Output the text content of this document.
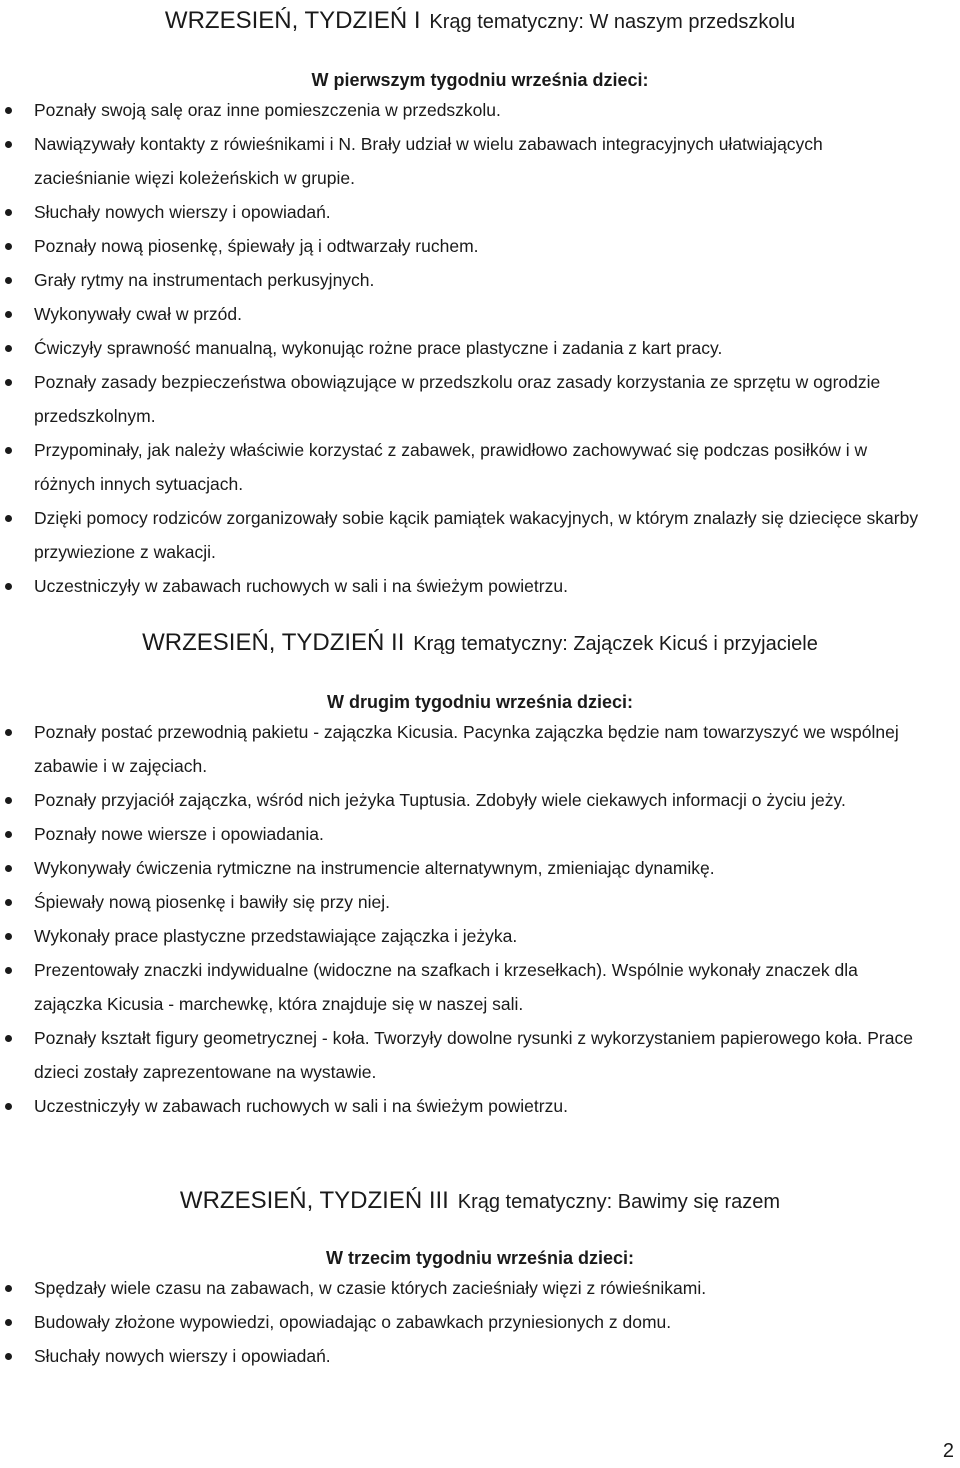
WRZESIEŃ, TYDZIEŃ I Krąg tematyczny: W naszym przedszkolu

W pierwszym tygodniu września dzieci:

Poznały swoją salę oraz inne pomieszczenia w przedszkolu.
Nawiązywały kontakty z rówieśnikami i N. Brały udział w wielu zabawach integracyjnych ułatwiających zacieśnianie więzi koleżeńskich w grupie.
Słuchały nowych wierszy i opowiadań.
Poznały nową piosenkę, śpiewały ją i odtwarzały ruchem.
Grały rytmy na instrumentach perkusyjnych.
Wykonywały cwał w przód.
Ćwiczyły sprawność manualną, wykonując rożne prace plastyczne i zadania z kart pracy.
Poznały zasady bezpieczeństwa obowiązujące w przedszkolu oraz zasady korzystania ze sprzętu w ogrodzie przedszkolnym.
Przypominały, jak należy właściwie korzystać z zabawek, prawidłowo zachowywać się podczas posiłków i w różnych innych sytuacjach.
Dzięki pomocy rodziców zorganizowały sobie kącik pamiątek wakacyjnych, w którym znalazły się dziecięce skarby przywiezione z wakacji.
Uczestniczyły w zabawach ruchowych w sali i na świeżym powietrzu.
WRZESIEŃ, TYDZIEŃ II Krąg tematyczny: Zajączek Kicuś i przyjaciele

W drugim tygodniu września dzieci:

Poznały postać przewodnią pakietu - zajączka Kicusia. Pacynka zajączka będzie nam towarzyszyć we wspólnej zabawie i w zajęciach.
Poznały przyjaciół zajączka, wśród nich jeżyka Tuptusia. Zdobyły wiele ciekawych informacji o życiu jeży.
Poznały nowe wiersze i opowiadania.
Wykonywały ćwiczenia rytmiczne na instrumencie alternatywnym, zmieniając dynamikę.
Śpiewały nową piosenkę i bawiły się przy niej.
Wykonały prace plastyczne przedstawiające zajączka i jeżyka.
Prezentowały znaczki indywidualne (widoczne na szafkach i krzesełkach). Wspólnie wykonały znaczek dla zajączka Kicusia - marchewkę, która znajduje się w naszej sali.
Poznały kształt figury geometrycznej - koła. Tworzyły dowolne rysunki z wykorzystaniem papierowego koła. Prace dzieci zostały zaprezentowane na wystawie.
Uczestniczyły w zabawach ruchowych w sali i na świeżym powietrzu.
WRZESIEŃ, TYDZIEŃ III Krąg tematyczny: Bawimy się razem

W trzecim tygodniu września dzieci:

Spędzały wiele czasu na zabawach, w czasie których zacieśniały więzi z rówieśnikami.
Budowały złożone wypowiedzi, opowiadając o zabawkach przyniesionych z domu.
Słuchały nowych wierszy i opowiadań.
2
